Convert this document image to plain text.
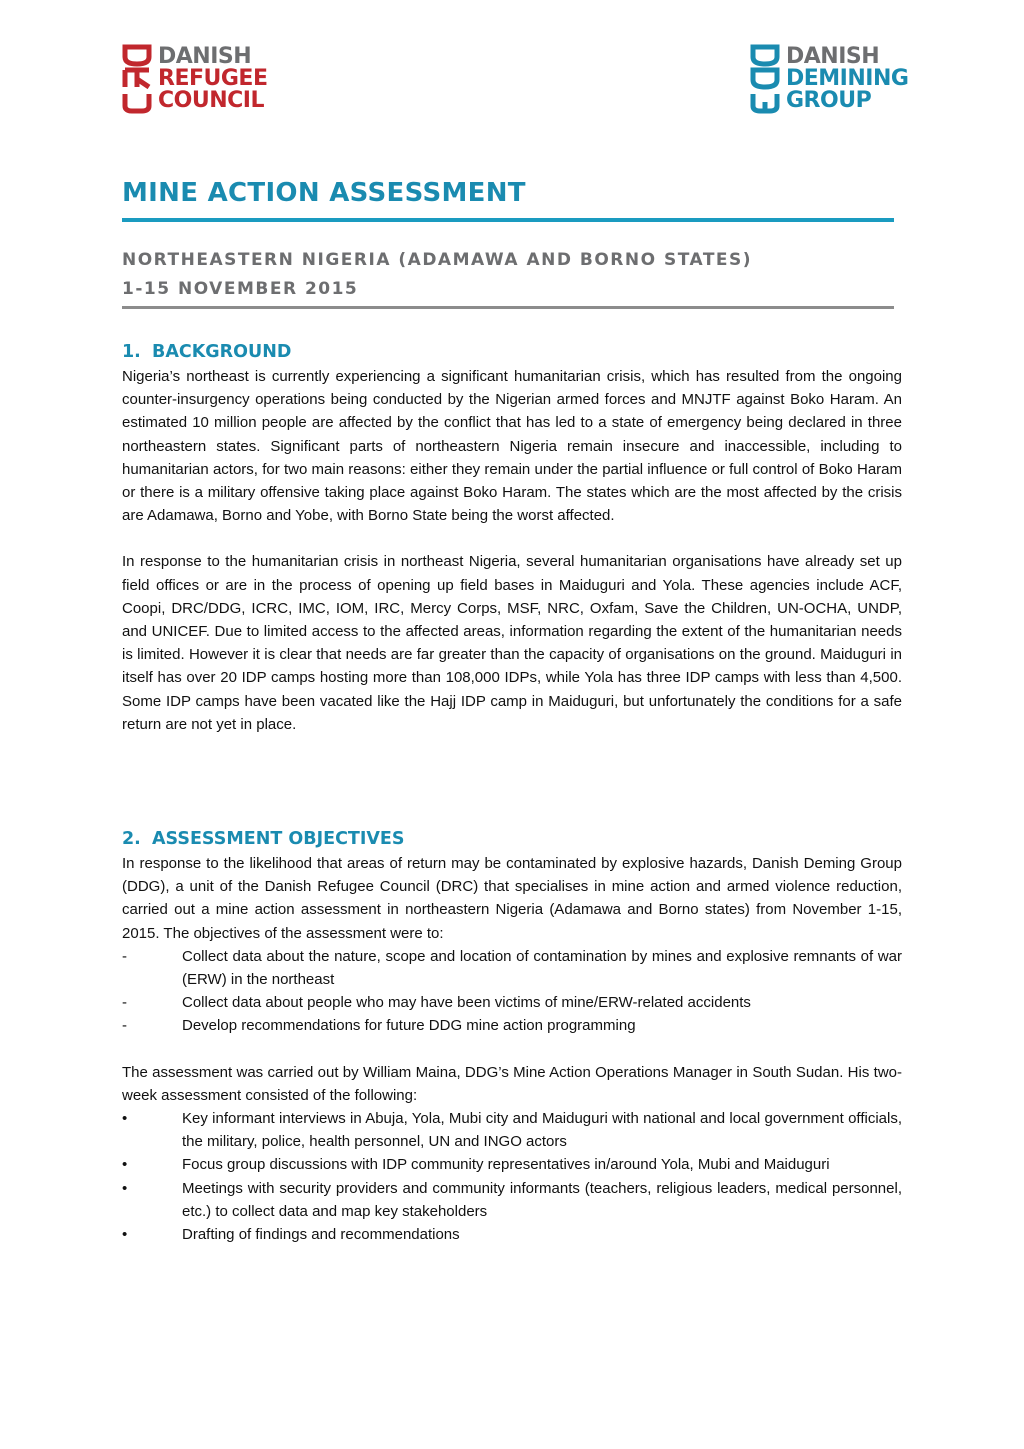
DANISH
REFUGEE
COUNCIL
DANISH
DEMINING
GROUP
MINE ACTION ASSESSMENT
NORTHEASTERN NIGERIA (ADAMAWA AND BORNO STATES)
1-15 NOVEMBER 2015
1. BACKGROUND

Nigeria’s northeast is currently experiencing a significant humanitarian crisis, which has resulted from the ongoing counter-insurgency operations being conducted by the Nigerian armed forces and MNJTF against Boko Haram. An estimated 10 million people are affected by the conflict that has led to a state of emergency being declared in three northeastern states. Significant parts of northeastern Nigeria remain insecure and inaccessible, including to humanitarian actors, for two main reasons: either they remain under the partial influence or full control of Boko Haram or there is a military offensive taking place against Boko Haram. The states which are the most affected by the crisis are Adamawa, Borno and Yobe, with Borno State being the worst affected.

In response to the humanitarian crisis in northeast Nigeria, several humanitarian organisations have already set up field offices or are in the process of opening up field bases in Maiduguri and Yola. These agencies include ACF, Coopi, DRC/DDG, ICRC, IMC, IOM, IRC, Mercy Corps, MSF, NRC, Oxfam, Save the Children, UN-OCHA, UNDP, and UNICEF. Due to limited access to the affected areas, information regarding the extent of the humanitarian needs is limited. However it is clear that needs are far greater than the capacity of organisations on the ground. Maiduguri in itself has over 20 IDP camps hosting more than 108,000 IDPs, while Yola has three IDP camps with less than 4,500. Some IDP camps have been vacated like the Hajj IDP camp in Maiduguri, but unfortunately the conditions for a safe return are not yet in place.

2. ASSESSMENT OBJECTIVES

In response to the likelihood that areas of return may be contaminated by explosive hazards, Danish Deming Group (DDG), a unit of the Danish Refugee Council (DRC) that specialises in mine action and armed violence reduction, carried out a mine action assessment in northeastern Nigeria (Adamawa and Borno states) from November 1-15, 2015. The objectives of the assessment were to:

-	Collect data about the nature, scope and location of contamination by mines and explosive remnants of war (ERW) in the northeast
-	Collect data about people who may have been victims of mine/ERW-related accidents
-	Develop recommendations for future DDG mine action programming

The assessment was carried out by William Maina, DDG’s Mine Action Operations Manager in South Sudan. His two-week assessment consisted of the following:

•	Key informant interviews in Abuja, Yola, Mubi city and Maiduguri with national and local government officials, the military, police, health personnel, UN and INGO actors
•	Focus group discussions with IDP community representatives in/around Yola, Mubi and Maiduguri
•	Meetings with security providers and community informants (teachers, religious leaders, medical personnel, etc.) to collect data and map key stakeholders
•	Drafting of findings and recommendations
